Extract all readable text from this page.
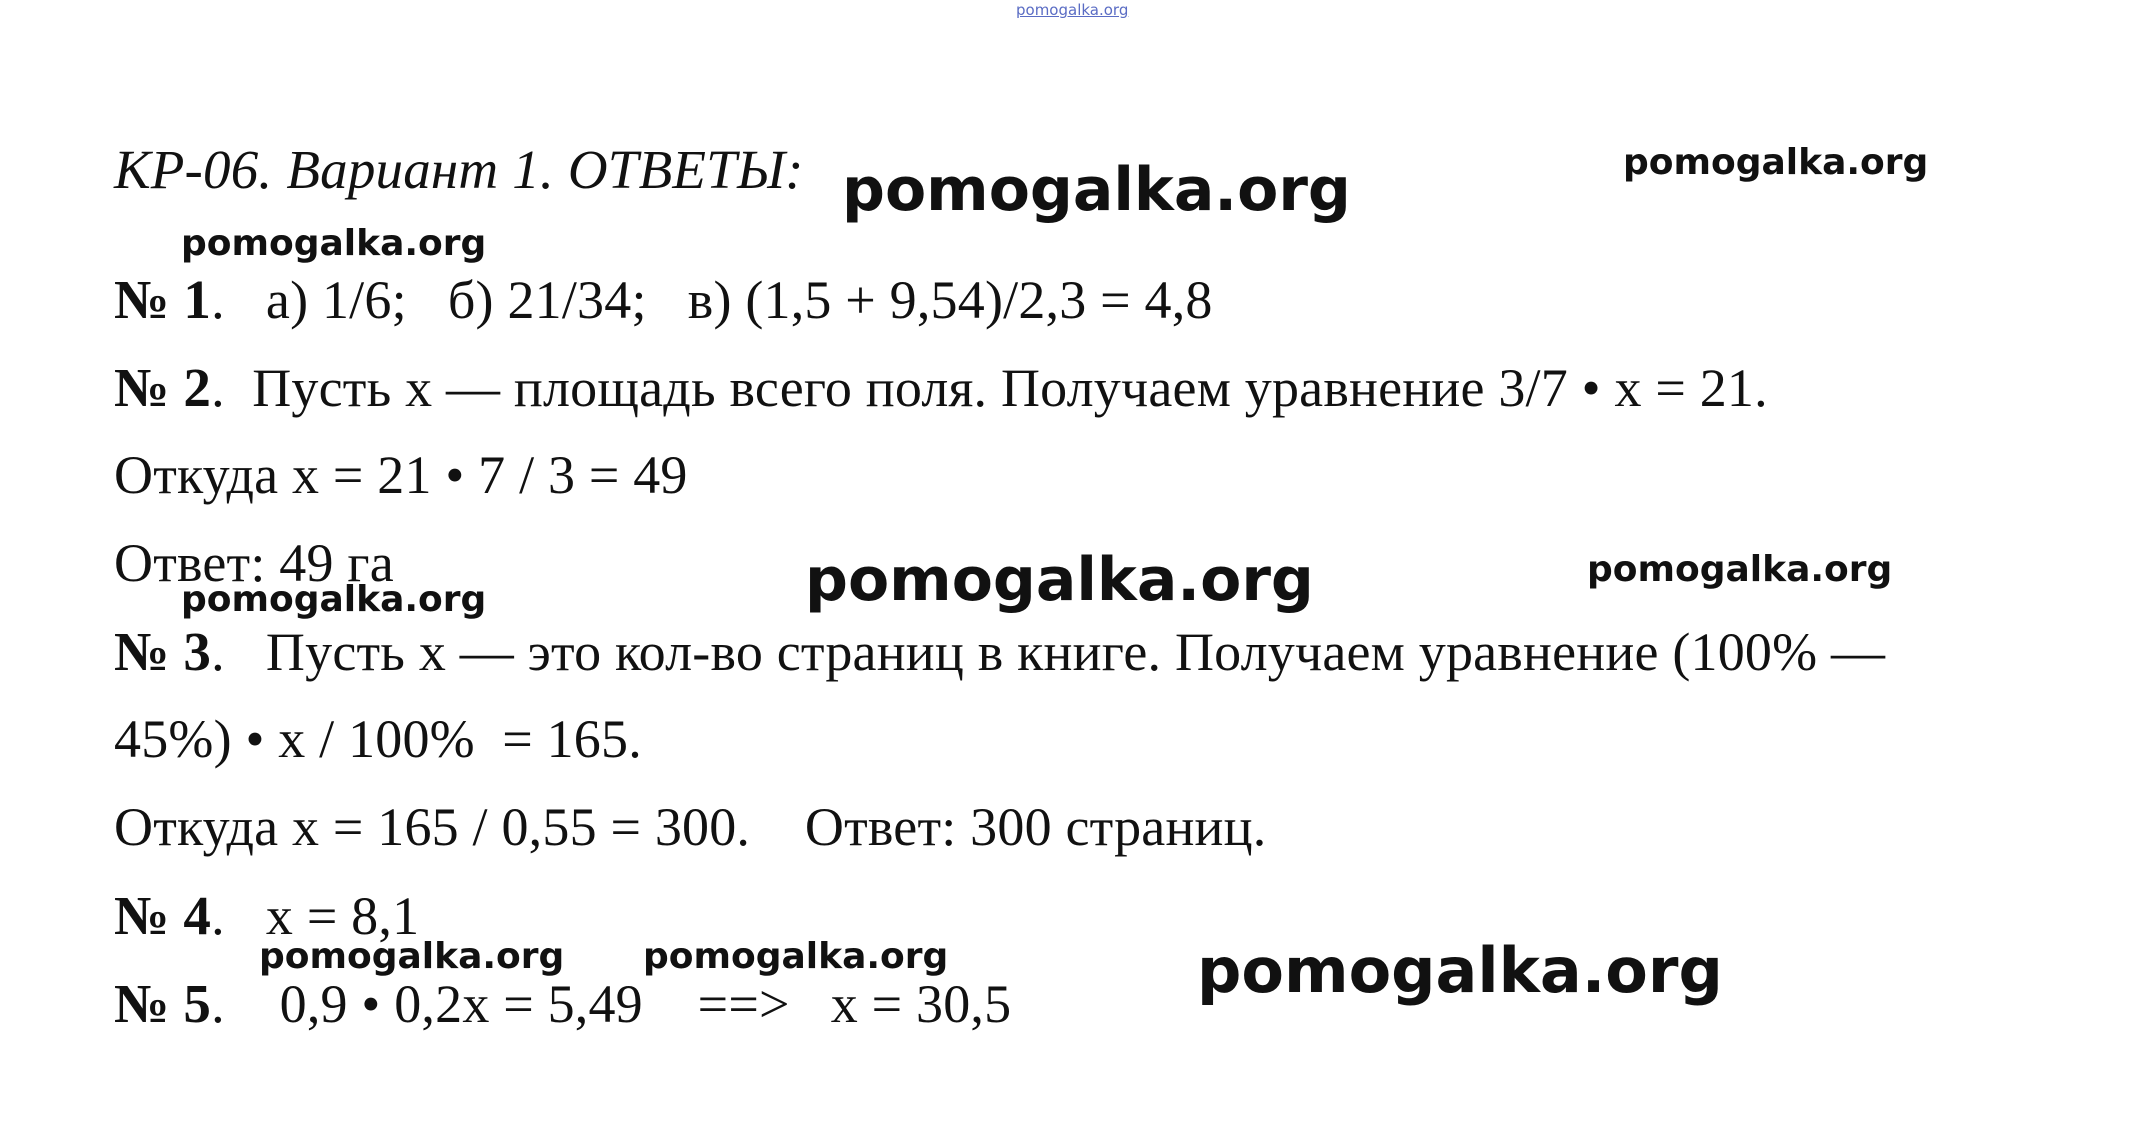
pomogalka.org
КР-06. Вариант 1. ОТВЕТЫ: pomogalka.org	pomogalka.org
pomogalka.org
№ 1.   а) 1/6;   б) 21/34;   в) (1,5 + 9,54)/2,3 = 4,8
№ 2.  Пусть х — площадь всего поля. Получаем уравнение 3/7 • х = 21.
Откуда х = 21 • 7 / 3 = 49
Ответ: 49 га	pomogalka.org	pomogalka.org
pomogalka.org
№ 3.   Пусть х — это кол-во страниц в книге. Получаем уравнение (100% —
45%) • х / 100%  = 165.
Откуда х = 165 / 0,55 = 300.    Ответ: 300 страниц.
№ 4.   х = 8,1
pomogalka.org pomogalka.org	pomogalka.org
№ 5.    0,9 • 0,2х = 5,49    ==>   х = 30,5
